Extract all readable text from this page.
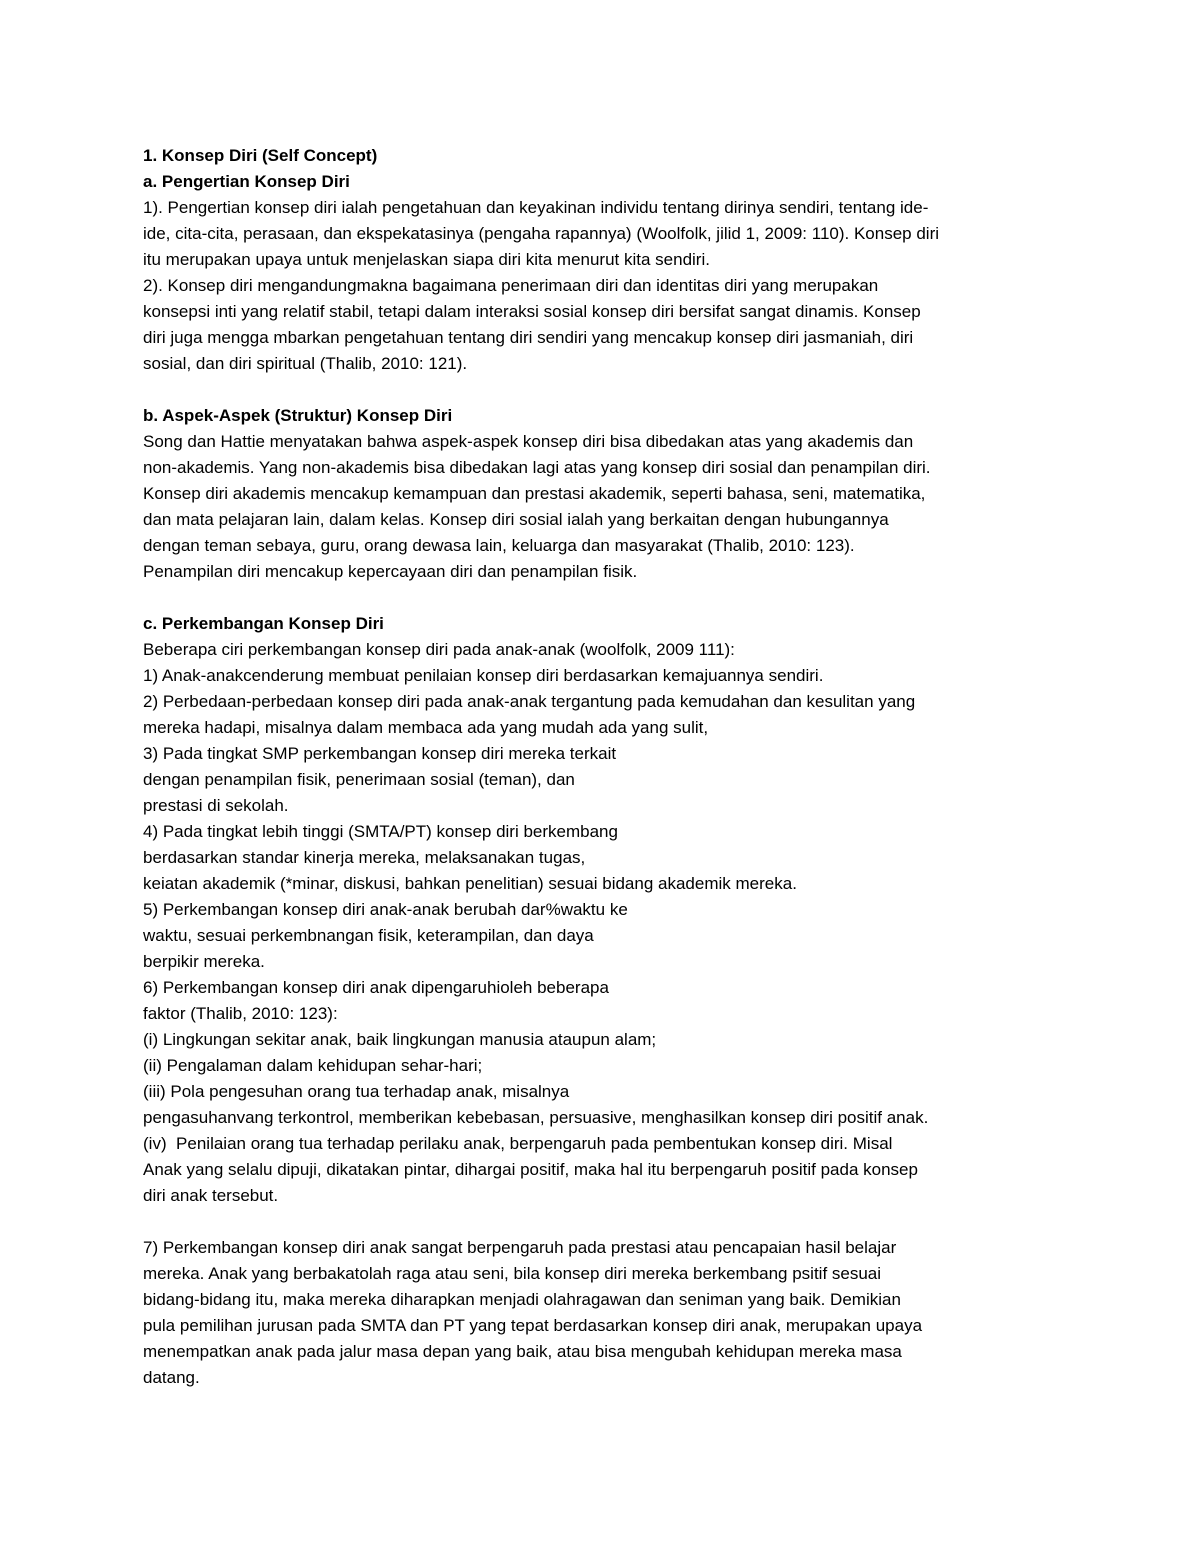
1. Konsep Diri (Self Concept)
a. Pengertian Konsep Diri
1). Pengertian konsep diri ialah pengetahuan dan keyakinan individu tentang dirinya sendiri, tentang ide-
ide, cita-cita, perasaan, dan ekspekatasinya (pengaha rapannya) (Woolfolk, jilid 1, 2009: 110). Konsep diri
itu merupakan upaya untuk menjelaskan siapa diri kita menurut kita sendiri.
2). Konsep diri mengandungmakna bagaimana penerimaan diri dan identitas diri yang merupakan
konsepsi inti yang relatif stabil, tetapi dalam interaksi sosial konsep diri bersifat sangat dinamis. Konsep
diri juga mengga mbarkan pengetahuan tentang diri sendiri yang mencakup konsep diri jasmaniah, diri
sosial, dan diri spiritual (Thalib, 2010: 121).
b. Aspek-Aspek (Struktur) Konsep Diri
Song dan Hattie menyatakan bahwa aspek-aspek konsep diri bisa dibedakan atas yang akademis dan
non-akademis. Yang non-akademis bisa dibedakan lagi atas yang konsep diri sosial dan penampilan diri.
Konsep diri akademis mencakup kemampuan dan prestasi akademik, seperti bahasa, seni, matematika,
dan mata pelajaran lain, dalam kelas. Konsep diri sosial ialah yang berkaitan dengan hubungannya
dengan teman sebaya, guru, orang dewasa lain, keluarga dan masyarakat (Thalib, 2010: 123).
Penampilan diri mencakup kepercayaan diri dan penampilan fisik.
c. Perkembangan Konsep Diri
Beberapa ciri perkembangan konsep diri pada anak-anak (woolfolk, 2009 111):
1) Anak-anakcenderung membuat penilaian konsep diri berdasarkan kemajuannya sendiri.
2) Perbedaan-perbedaan konsep diri pada anak-anak tergantung pada kemudahan dan kesulitan yang
mereka hadapi, misalnya dalam membaca ada yang mudah ada yang sulit,
3) Pada tingkat SMP perkembangan konsep diri mereka terkait
dengan penampilan fisik, penerimaan sosial (teman), dan
prestasi di sekolah.
4) Pada tingkat lebih tinggi (SMTA/PT) konsep diri berkembang
berdasarkan standar kinerja mereka, melaksanakan tugas,
keiatan akademik (*minar, diskusi, bahkan penelitian) sesuai bidang akademik mereka.
5) Perkembangan konsep diri anak-anak berubah dar%waktu ke
waktu, sesuai perkembnangan fisik, keterampilan, dan daya
berpikir mereka.
6) Perkembangan konsep diri anak dipengaruhioleh beberapa
faktor (Thalib, 2010: 123):
(i) Lingkungan sekitar anak, baik lingkungan manusia ataupun alam;
(ii) Pengalaman dalam kehidupan sehar-hari;
(iii) Pola pengesuhan orang tua terhadap anak, misalnya
pengasuhanvang terkontrol, memberikan kebebasan, persuasive, menghasilkan konsep diri positif anak.
(iv)  Penilaian orang tua terhadap perilaku anak, berpengaruh pada pembentukan konsep diri. Misal
Anak yang selalu dipuji, dikatakan pintar, dihargai positif, maka hal itu berpengaruh positif pada konsep
diri anak tersebut.
7) Perkembangan konsep diri anak sangat berpengaruh pada prestasi atau pencapaian hasil belajar
mereka. Anak yang berbakatolah raga atau seni, bila konsep diri mereka berkembang psitif sesuai
bidang-bidang itu, maka mereka diharapkan menjadi olahragawan dan seniman yang baik. Demikian
pula pemilihan jurusan pada SMTA dan PT yang tepat berdasarkan konsep diri anak, merupakan upaya
menempatkan anak pada jalur masa depan yang baik, atau bisa mengubah kehidupan mereka masa
datang.
